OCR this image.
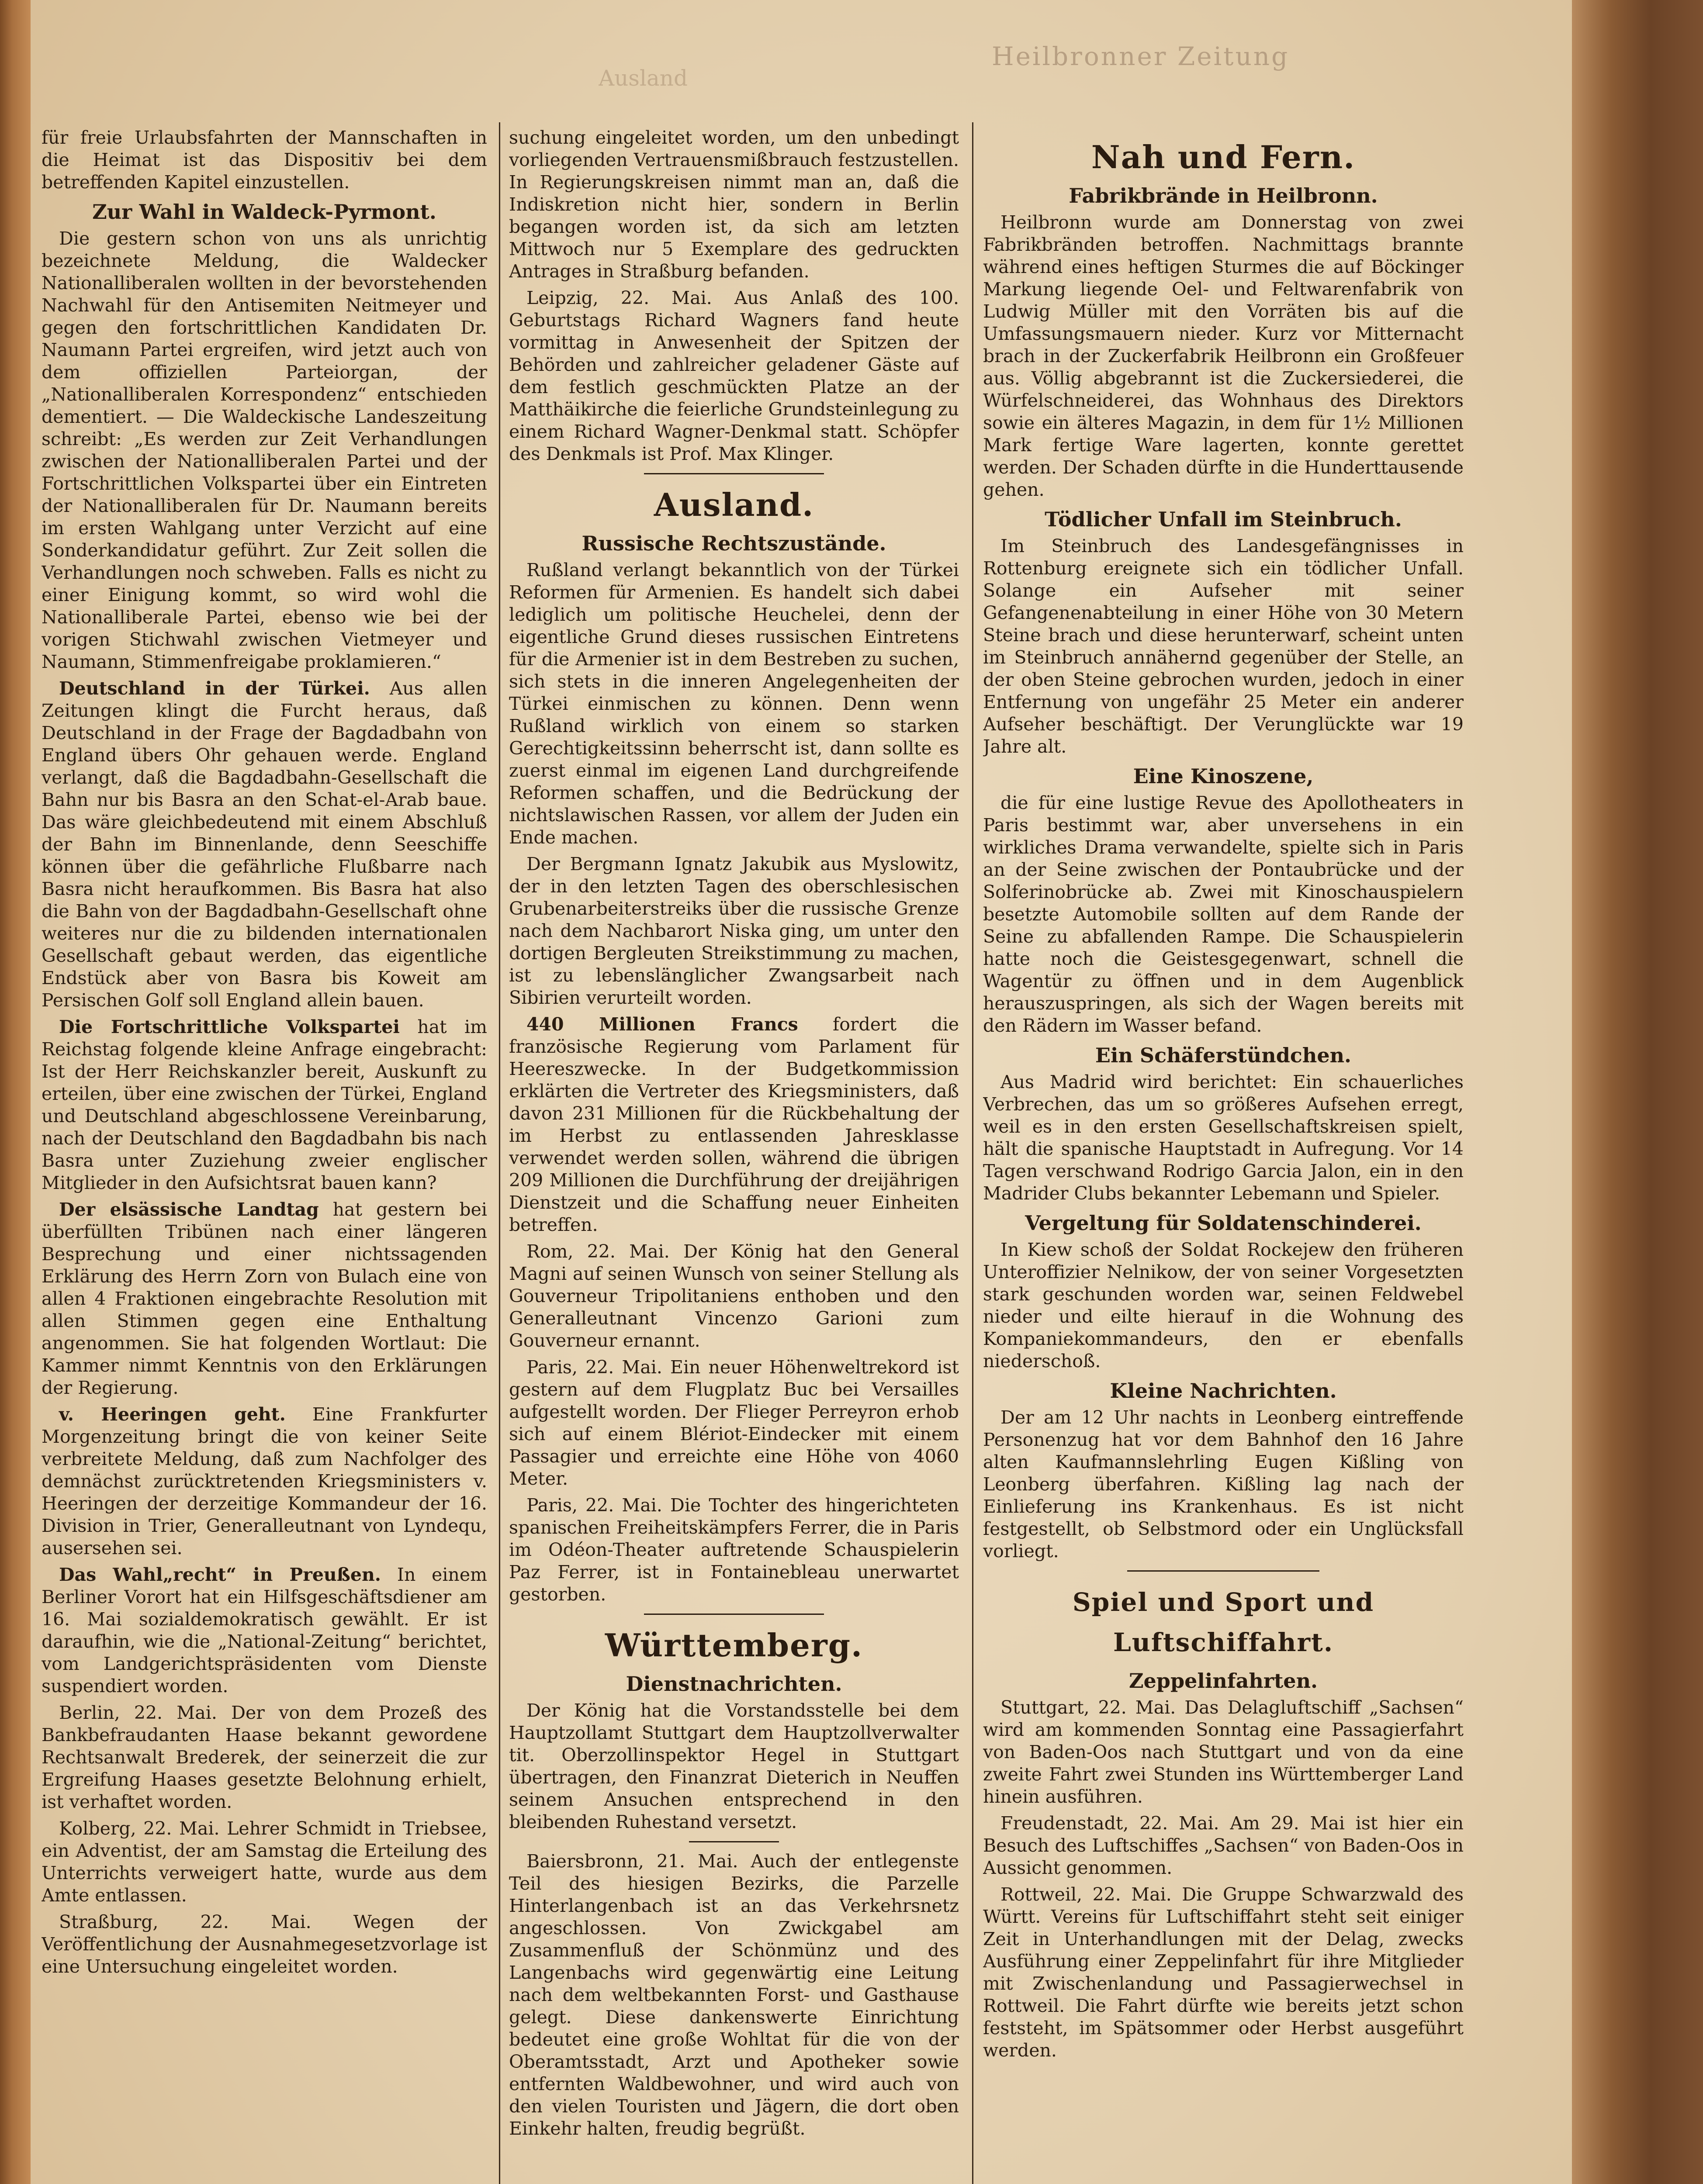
Heilbronner Zeitung
Ausland

für freie Urlaubsfahrten der Mannschaften in die Heimat ist das Dispositiv bei dem betreffenden Kapitel einzustellen.

Zur Wahl in Waldeck-Pyrmont.

Die gestern schon von uns als unrichtig bezeichnete Meldung, die Waldecker Nationalliberalen wollten in der bevorstehenden Nachwahl für den Antisemiten Neitmeyer und gegen den fortschrittlichen Kandidaten Dr. Naumann Partei ergreifen, wird jetzt auch von dem offiziellen Parteiorgan, der „Nationalliberalen Korrespondenz“ entschieden dementiert. — Die Waldeckische Landeszeitung schreibt: „Es werden zur Zeit Verhandlungen zwischen der Nationalliberalen Partei und der Fortschrittlichen Volkspartei über ein Eintreten der Nationalliberalen für Dr. Naumann bereits im ersten Wahlgang unter Verzicht auf eine Sonderkandidatur geführt. Zur Zeit sollen die Verhandlungen noch schweben. Falls es nicht zu einer Einigung kommt, so wird wohl die Nationalliberale Partei, ebenso wie bei der vorigen Stichwahl zwischen Vietmeyer und Naumann, Stimmenfreigabe proklamieren.“

Deutschland in der Türkei. Aus allen Zeitungen klingt die Furcht heraus, daß Deutschland in der Frage der Bagdadbahn von England übers Ohr gehauen werde. England verlangt, daß die Bagdadbahn-Gesellschaft die Bahn nur bis Basra an den Schat-el-Arab baue. Das wäre gleichbedeutend mit einem Abschluß der Bahn im Binnenlande, denn Seeschiffe können über die gefährliche Flußbarre nach Basra nicht heraufkommen. Bis Basra hat also die Bahn von der Bagdadbahn-Gesellschaft ohne weiteres nur die zu bildenden internationalen Gesellschaft gebaut werden, das eigentliche Endstück aber von Basra bis Koweit am Persischen Golf soll England allein bauen.

Die Fortschrittliche Volkspartei hat im Reichstag folgende kleine Anfrage eingebracht: Ist der Herr Reichskanzler bereit, Auskunft zu erteilen, über eine zwischen der Türkei, England und Deutschland abgeschlossene Vereinbarung, nach der Deutschland den Bagdadbahn bis nach Basra unter Zuziehung zweier englischer Mitglieder in den Aufsichtsrat bauen kann?

Der elsässische Landtag hat gestern bei überfüllten Tribünen nach einer längeren Besprechung und einer nichtssagenden Erklärung des Herrn Zorn von Bulach eine von allen 4 Fraktionen eingebrachte Resolution mit allen Stimmen gegen eine Enthaltung angenommen. Sie hat folgenden Wortlaut: Die Kammer nimmt Kenntnis von den Erklärungen der Regierung.

v. Heeringen geht. Eine Frankfurter Morgenzeitung bringt die von keiner Seite verbreitete Meldung, daß zum Nachfolger des demnächst zurücktretenden Kriegsministers v. Heeringen der derzeitige Kommandeur der 16. Division in Trier, Generalleutnant von Lyndequ, ausersehen sei.

Das Wahl„recht“ in Preußen. In einem Berliner Vorort hat ein Hilfsgeschäftsdiener am 16. Mai sozialdemokratisch gewählt. Er ist daraufhin, wie die „National-Zeitung“ berichtet, vom Landgerichtspräsidenten vom Dienste suspendiert worden.

Berlin, 22. Mai. Der von dem Prozeß des Bankbefraudanten Haase bekannt gewordene Rechtsanwalt Brederek, der seinerzeit die zur Ergreifung Haases gesetzte Belohnung erhielt, ist verhaftet worden.

Kolberg, 22. Mai. Lehrer Schmidt in Triebsee, ein Adventist, der am Samstag die Erteilung des Unterrichts verweigert hatte, wurde aus dem Amte entlassen.

Straßburg, 22. Mai. Wegen der Veröffentlichung der Ausnahmegesetzvorlage ist eine Untersuchung eingeleitet worden.

suchung eingeleitet worden, um den unbedingt vorliegenden Vertrauensmißbrauch festzustellen. In Regierungskreisen nimmt man an, daß die Indiskretion nicht hier, sondern in Berlin begangen worden ist, da sich am letzten Mittwoch nur 5 Exemplare des gedruckten Antrages in Straßburg befanden.

Leipzig, 22. Mai. Aus Anlaß des 100. Geburtstags Richard Wagners fand heute vormittag in Anwesenheit der Spitzen der Behörden und zahlreicher geladener Gäste auf dem festlich geschmückten Platze an der Matthäikirche die feierliche Grundsteinlegung zu einem Richard Wagner-Denkmal statt. Schöpfer des Denkmals ist Prof. Max Klinger.

Ausland.
Russische Rechtszustände.

Rußland verlangt bekanntlich von der Türkei Reformen für Armenien. Es handelt sich dabei lediglich um politische Heuchelei, denn der eigentliche Grund dieses russischen Eintretens für die Armenier ist in dem Bestreben zu suchen, sich stets in die inneren Angelegenheiten der Türkei einmischen zu können. Denn wenn Rußland wirklich von einem so starken Gerechtigkeitssinn beherrscht ist, dann sollte es zuerst einmal im eigenen Land durchgreifende Reformen schaffen, und die Bedrückung der nichtslawischen Rassen, vor allem der Juden ein Ende machen.

Der Bergmann Ignatz Jakubik aus Myslowitz, der in den letzten Tagen des oberschlesischen Grubenarbeiterstreiks über die russische Grenze nach dem Nachbarort Niska ging, um unter den dortigen Bergleuten Streikstimmung zu machen, ist zu lebenslänglicher Zwangsarbeit nach Sibirien verurteilt worden.

440 Millionen Francs fordert die französische Regierung vom Parlament für Heereszwecke. In der Budgetkommission erklärten die Vertreter des Kriegsministers, daß davon 231 Millionen für die Rückbehaltung der im Herbst zu entlassenden Jahresklasse verwendet werden sollen, während die übrigen 209 Millionen die Durchführung der dreijährigen Dienstzeit und die Schaffung neuer Einheiten betreffen.

Rom, 22. Mai. Der König hat den General Magni auf seinen Wunsch von seiner Stellung als Gouverneur Tripolitaniens enthoben und den Generalleutnant Vincenzo Garioni zum Gouverneur ernannt.

Paris, 22. Mai. Ein neuer Höhenweltrekord ist gestern auf dem Flugplatz Buc bei Versailles aufgestellt worden. Der Flieger Perreyron erhob sich auf einem Blériot-Eindecker mit einem Passagier und erreichte eine Höhe von 4060 Meter.

Paris, 22. Mai. Die Tochter des hingerichteten spanischen Freiheitskämpfers Ferrer, die in Paris im Odéon-Theater auftretende Schauspielerin Paz Ferrer, ist in Fontainebleau unerwartet gestorben.

Württemberg.
Dienstnachrichten.

Der König hat die Vorstandsstelle bei dem Hauptzollamt Stuttgart dem Hauptzollverwalter tit. Oberzollinspektor Hegel in Stuttgart übertragen, den Finanzrat Dieterich in Neuffen seinem Ansuchen entsprechend in den bleibenden Ruhestand versetzt.

Baiersbronn, 21. Mai. Auch der entlegenste Teil des hiesigen Bezirks, die Parzelle Hinterlangenbach ist an das Verkehrsnetz angeschlossen. Von Zwickgabel am Zusammenfluß der Schönmünz und des Langenbachs wird gegenwärtig eine Leitung nach dem weltbekannten Forst- und Gasthause gelegt. Diese dankenswerte Einrichtung bedeutet eine große Wohltat für die von der Oberamtsstadt, Arzt und Apotheker sowie entfernten Waldbewohner, und wird auch von den vielen Touristen und Jägern, die dort oben Einkehr halten, freudig begrüßt.

Nah und Fern.
Fabrikbrände in Heilbronn.

Heilbronn wurde am Donnerstag von zwei Fabrikbränden betroffen. Nachmittags brannte während eines heftigen Sturmes die auf Böckinger Markung liegende Oel- und Feltwarenfabrik von Ludwig Müller mit den Vorräten bis auf die Umfassungsmauern nieder. Kurz vor Mitternacht brach in der Zuckerfabrik Heilbronn ein Großfeuer aus. Völlig abgebrannt ist die Zuckersiederei, die Würfelschneiderei, das Wohnhaus des Direktors sowie ein älteres Magazin, in dem für 1½ Millionen Mark fertige Ware lagerten, konnte gerettet werden. Der Schaden dürfte in die Hunderttausende gehen.

Tödlicher Unfall im Steinbruch.

Im Steinbruch des Landesgefängnisses in Rottenburg ereignete sich ein tödlicher Unfall. Solange ein Aufseher mit seiner Gefangenenabteilung in einer Höhe von 30 Metern Steine brach und diese herunterwarf, scheint unten im Steinbruch annähernd gegenüber der Stelle, an der oben Steine gebrochen wurden, jedoch in einer Entfernung von ungefähr 25 Meter ein anderer Aufseher beschäftigt. Der Verunglückte war 19 Jahre alt.

Eine Kinoszene,

die für eine lustige Revue des Apollotheaters in Paris bestimmt war, aber unversehens in ein wirkliches Drama verwandelte, spielte sich in Paris an der Seine zwischen der Pontaubrücke und der Solferinobrücke ab. Zwei mit Kinoschauspielern besetzte Automobile sollten auf dem Rande der Seine zu abfallenden Rampe. Die Schauspielerin hatte noch die Geistesgegenwart, schnell die Wagentür zu öffnen und in dem Augenblick herauszuspringen, als sich der Wagen bereits mit den Rädern im Wasser befand.

Ein Schäferstündchen.

Aus Madrid wird berichtet: Ein schauerliches Verbrechen, das um so größeres Aufsehen erregt, weil es in den ersten Gesellschaftskreisen spielt, hält die spanische Hauptstadt in Aufregung. Vor 14 Tagen verschwand Rodrigo Garcia Jalon, ein in den Madrider Clubs bekannter Lebemann und Spieler.

Vergeltung für Soldatenschinderei.

In Kiew schoß der Soldat Rockejew den früheren Unteroffizier Nelnikow, der von seiner Vorgesetzten stark geschunden worden war, seinen Feldwebel nieder und eilte hierauf in die Wohnung des Kompaniekommandeurs, den er ebenfalls niederschoß.

Kleine Nachrichten.

Der am 12 Uhr nachts in Leonberg eintreffende Personenzug hat vor dem Bahnhof den 16 Jahre alten Kaufmannslehrling Eugen Kißling von Leonberg überfahren. Kißling lag nach der Einlieferung ins Krankenhaus. Es ist nicht festgestellt, ob Selbstmord oder ein Unglücksfall vorliegt.

Spiel und Sport und Luftschiffahrt.
Zeppelinfahrten.

Stuttgart, 22. Mai. Das Delagluftschiff „Sachsen“ wird am kommenden Sonntag eine Passagierfahrt von Baden-Oos nach Stuttgart und von da eine zweite Fahrt zwei Stunden ins Württemberger Land hinein ausführen.

Freudenstadt, 22. Mai. Am 29. Mai ist hier ein Besuch des Luftschiffes „Sachsen“ von Baden-Oos in Aussicht genommen.

Rottweil, 22. Mai. Die Gruppe Schwarzwald des Württ. Vereins für Luftschiffahrt steht seit einiger Zeit in Unterhandlungen mit der Delag, zwecks Ausführung einer Zeppelinfahrt für ihre Mitglieder mit Zwischenlandung und Passagierwechsel in Rottweil. Die Fahrt dürfte wie bereits jetzt schon feststeht, im Spätsommer oder Herbst ausgeführt werden.
